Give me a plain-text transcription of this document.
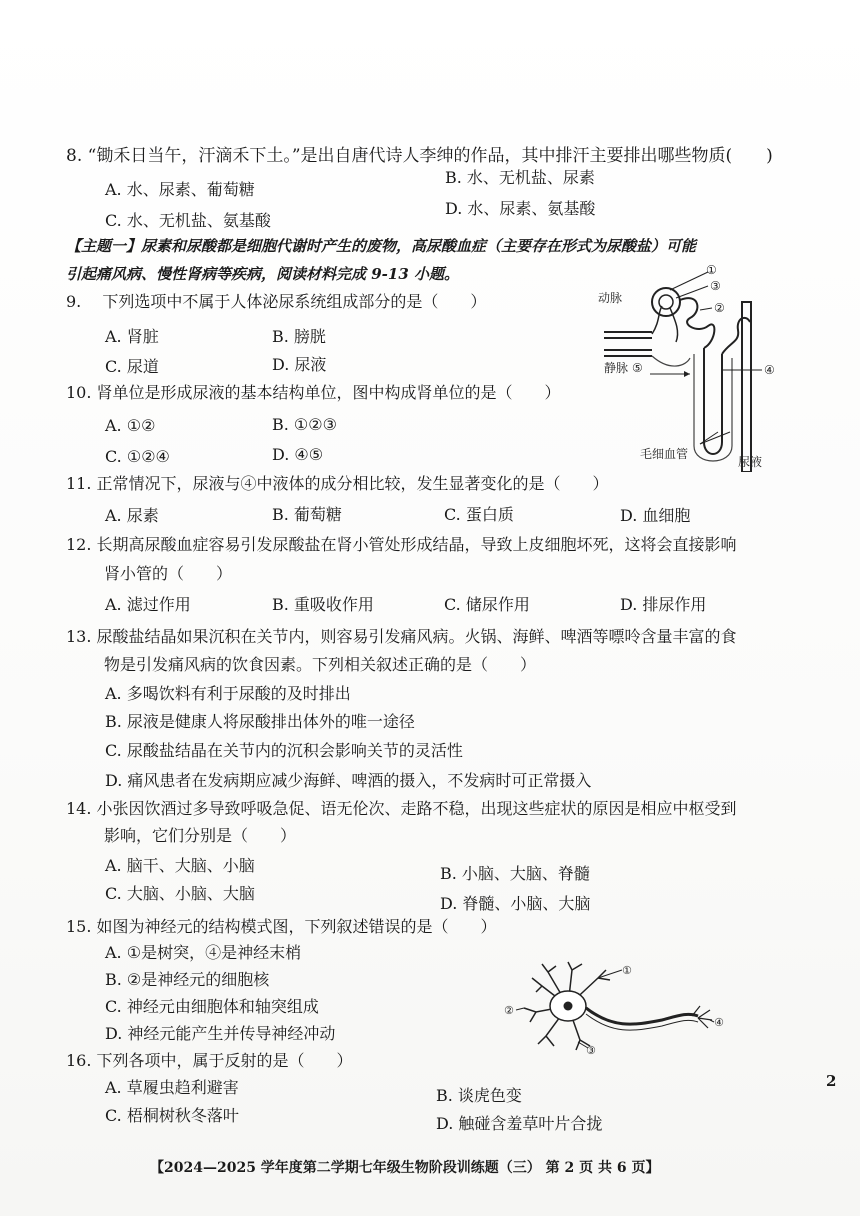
8. “锄禾日当午，汗滴禾下土。”是出自唐代诗人李绅的作品，其中排汗主要排出哪些物质(　　)
A. 水、尿素、葡萄糖
B. 水、无机盐、尿素
C. 水、无机盐、氨基酸
D. 水、尿素、氨基酸
【主题一】尿素和尿酸都是细胞代谢时产生的废物，高尿酸血症（主要存在形式为尿酸盐）可能
引起痛风病、慢性肾病等疾病，阅读材料完成 9-13 小题。
9.　 下列选项中不属于人体泌尿系统组成部分的是（　　）
A. 肾脏	B. 膀胱
C. 尿道	D. 尿液
10. 肾单位是形成尿液的基本结构单位，图中构成肾单位的是（　　）
A. ①②	B. ①②③
C. ①②④	D. ④⑤
动脉
静脉 ⑤
①
③
②
④
毛细血管
尿液
11. 正常情况下，尿液与④中液体的成分相比较，发生显著变化的是（　　）
A. 尿素	B. 葡萄糖	C. 蛋白质	D. 血细胞
12. 长期高尿酸血症容易引发尿酸盐在肾小管处形成结晶，导致上皮细胞坏死，这将会直接影响
肾小管的（　　）
A. 滤过作用	B. 重吸收作用	C. 储尿作用	D. 排尿作用
13. 尿酸盐结晶如果沉积在关节内，则容易引发痛风病。火锅、海鲜、啤酒等嘌呤含量丰富的食
物是引发痛风病的饮食因素。下列相关叙述正确的是（　　）
A. 多喝饮料有利于尿酸的及时排出
B. 尿液是健康人将尿酸排出体外的唯一途径
C. 尿酸盐结晶在关节内的沉积会影响关节的灵活性
D. 痛风患者在发病期应减少海鲜、啤酒的摄入，不发病时可正常摄入
14. 小张因饮酒过多导致呼吸急促、语无伦次、走路不稳，出现这些症状的原因是相应中枢受到
影响，它们分别是（　　）
A. 脑干、大脑、小脑	B. 小脑、大脑、脊髓
C. 大脑、小脑、大脑
D. 脊髓、小脑、大脑
15. 如图为神经元的结构模式图，下列叙述错误的是（　　）
A. ①是树突，④是神经末梢
B. ②是神经元的细胞核
C. 神经元由细胞体和轴突组成
D. 神经元能产生并传导神经冲动
①
②
③
④
16. 下列各项中，属于反射的是（　　）
A. 草履虫趋利避害	B. 谈虎色变
C. 梧桐树秋冬落叶	D. 触碰含羞草叶片合拢
2
【2024—2025 学年度第二学期七年级生物阶段训练题（三） 第 2 页 共 6 页】
